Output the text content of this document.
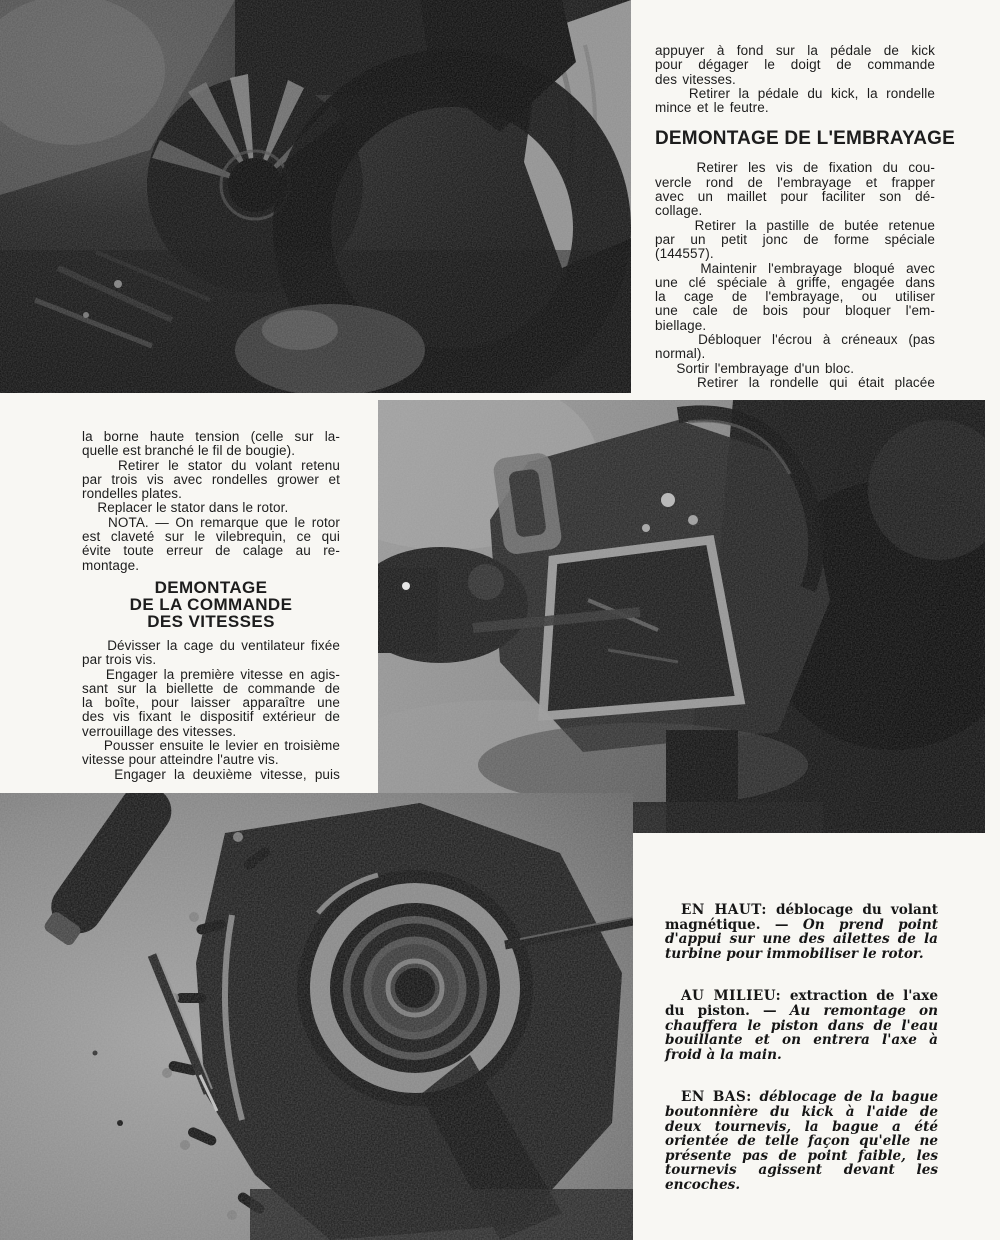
appuyer à fond sur la pédale de kick
pour dégager le doigt de commande
des vitesses.
Retirer la pédale du kick, la rondelle
mince et le feutre.
DEMONTAGE DE L'EMBRAYAGE
Retirer les vis de fixation du cou-
vercle rond de l'embrayage et frapper
avec un maillet pour faciliter son dé-
collage.
Retirer la pastille de butée retenue
par un petit jonc de forme spéciale
(144557).
Maintenir l'embrayage bloqué avec
une clé spéciale à griffe, engagée dans
la cage de l'embrayage, ou utiliser
une cale de bois pour bloquer l'em-
biellage.
Débloquer l'écrou à créneaux (pas
normal).
Sortir l'embrayage d'un bloc.
Retirer la rondelle qui était placée
la borne haute tension (celle sur la-
quelle est branché le fil de bougie).
Retirer le stator du volant retenu
par trois vis avec rondelles grower et
rondelles plates.
Replacer le stator dans le rotor.
NOTA. — On remarque que le rotor
est claveté sur le vilebrequin, ce qui
évite toute erreur de calage au re-
montage.
DEMONTAGE
DE LA COMMANDE
DES VITESSES
Dévisser la cage du ventilateur fixée
par trois vis.
Engager la première vitesse en agis-
sant sur la biellette de commande de
la boîte, pour laisser apparaître une
des vis fixant le dispositif extérieur de
verrouillage des vitesses.
Pousser ensuite le levier en troisième
vitesse pour atteindre l'autre vis.
Engager la deuxième vitesse, puis
EN HAUT: déblocage du volant magnétique. — On prend point d'appui sur une des ailettes de la turbine pour immobiliser le rotor.
AU MILIEU: extraction de l'axe du piston. — Au remontage on chauffera le piston dans de l'eau bouillante et on entrera l'axe à froid à la main.
EN BAS: déblocage de la bague boutonnière du kick à l'aide de deux tournevis, la bague a été orientée de telle façon qu'elle ne présente pas de point faible, les tournevis agissent devant les encoches.
